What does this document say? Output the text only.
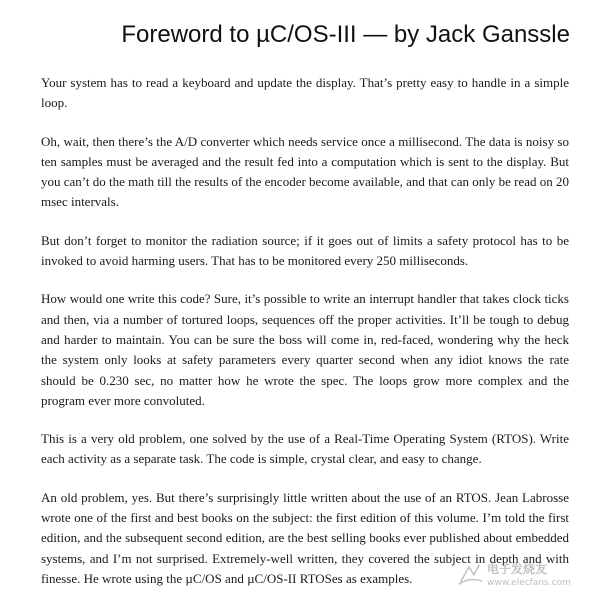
Foreword to µC/OS-III — by Jack Ganssle

Your system has to read a keyboard and update the display. That’s pretty easy to handle in a simple loop.

Oh, wait, then there’s the A/D converter which needs service once a millisecond. The data is noisy so ten samples must be averaged and the result fed into a computation which is sent to the display. But you can’t do the math till the results of the encoder become available, and that can only be read on 20 msec intervals.

But don’t forget to monitor the radiation source; if it goes out of limits a safety protocol has to be invoked to avoid harming users. That has to be monitored every 250 milliseconds.

How would one write this code? Sure, it’s possible to write an interrupt handler that takes clock ticks and then, via a number of tortured loops, sequences off the proper activities. It’ll be tough to debug and harder to maintain. You can be sure the boss will come in, red-faced, wondering why the heck the system only looks at safety parameters every quarter second when any idiot knows the rate should be 0.230 sec, no matter how he wrote the spec. The loops grow more complex and the program ever more convoluted.

This is a very old problem, one solved by the use of a Real-Time Operating System (RTOS). Write each activity as a separate task. The code is simple, crystal clear, and easy to change.

An old problem, yes. But there’s surprisingly little written about the use of an RTOS. Jean Labrosse wrote one of the first and best books on the subject: the first edition of this volume. I’m told the first edition, and the subsequent second edition, are the best selling books ever published about embedded systems, and I’m not surprised. Extremely-well written, they covered the subject in depth and with finesse. He wrote using the µC/OS and µC/OS-II RTOSes as examples.

电子发烧友
www.elecfans.com
